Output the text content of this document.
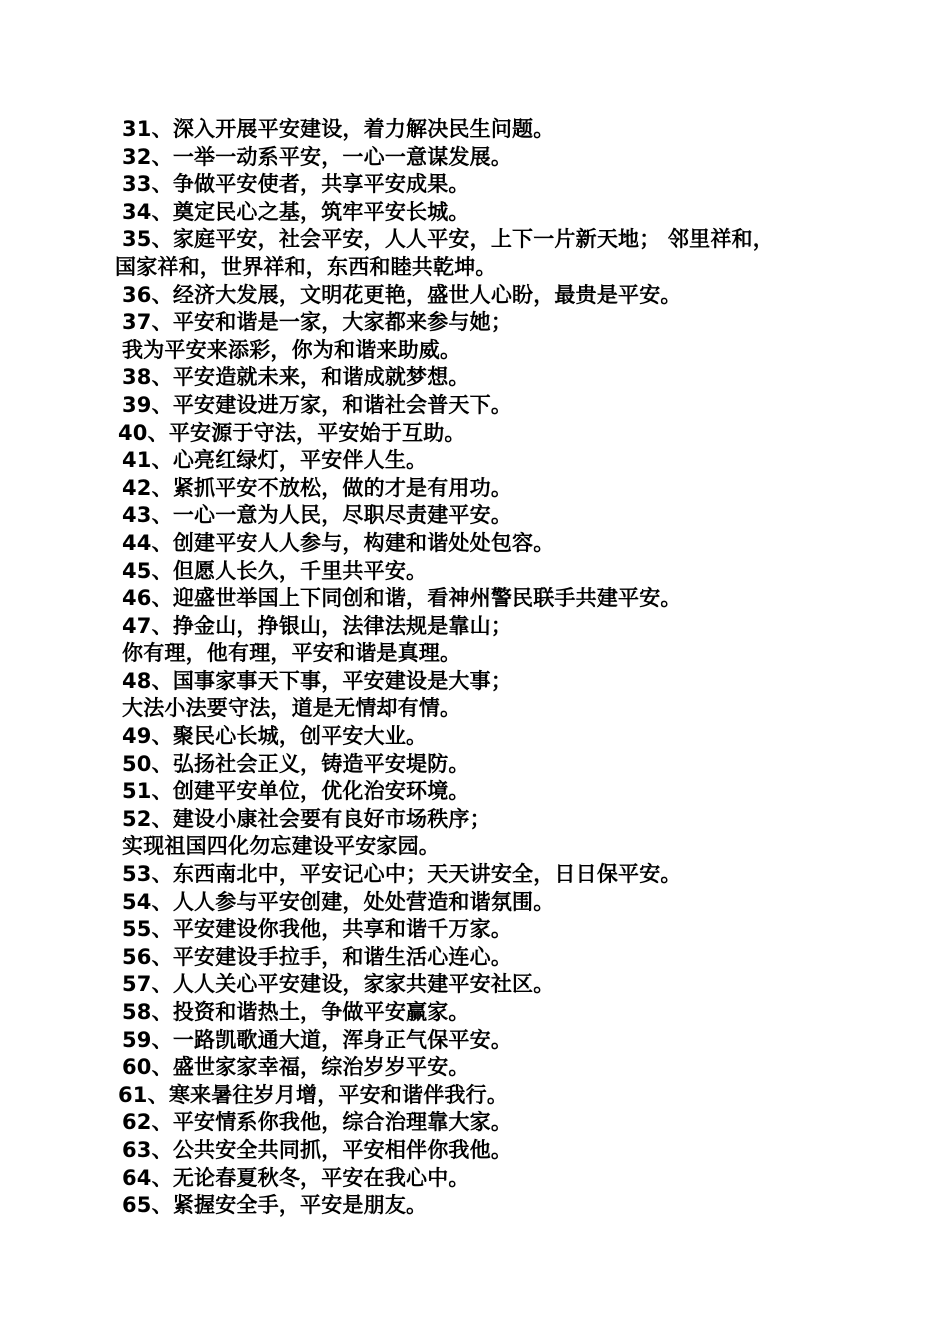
31、深入开展平安建设，着力解决民生问题。
32、一举一动系平安，一心一意谋发展。
33、争做平安使者，共享平安成果。
34、奠定民心之基，筑牢平安长城。
35、家庭平安，社会平安，人人平安，上下一片新天地； 邻里祥和，
国家祥和，世界祥和，东西和睦共乾坤。
36、经济大发展，文明花更艳，盛世人心盼，最贵是平安。
37、平安和谐是一家，大家都来参与她；
我为平安来添彩，你为和谐来助威。
38、平安造就未来，和谐成就梦想。
39、平安建设进万家，和谐社会普天下。
40、平安源于守法，平安始于互助。
41、心亮红绿灯，平安伴人生。
42、紧抓平安不放松，做的才是有用功。
43、一心一意为人民，尽职尽责建平安。
44、创建平安人人参与，构建和谐处处包容。
45、但愿人长久，千里共平安。
46、迎盛世举国上下同创和谐，看神州警民联手共建平安。
47、挣金山，挣银山，法律法规是靠山；
你有理，他有理，平安和谐是真理。
48、国事家事天下事，平安建设是大事；
大法小法要守法，道是无情却有情。
49、聚民心长城，创平安大业。
50、弘扬社会正义，铸造平安堤防。
51、创建平安单位，优化治安环境。
52、建设小康社会要有良好市场秩序；
实现祖国四化勿忘建设平安家园。
53、东西南北中，平安记心中；天天讲安全，日日保平安。
54、人人参与平安创建，处处营造和谐氛围。
55、平安建设你我他，共享和谐千万家。
56、平安建设手拉手，和谐生活心连心。
57、人人关心平安建设，家家共建平安社区。
58、投资和谐热土，争做平安赢家。
59、一路凯歌通大道，浑身正气保平安。
60、盛世家家幸福，综治岁岁平安。
61、寒来暑往岁月增，平安和谐伴我行。
62、平安情系你我他，综合治理靠大家。
63、公共安全共同抓，平安相伴你我他。
64、无论春夏秋冬，平安在我心中。
65、紧握安全手，平安是朋友。
